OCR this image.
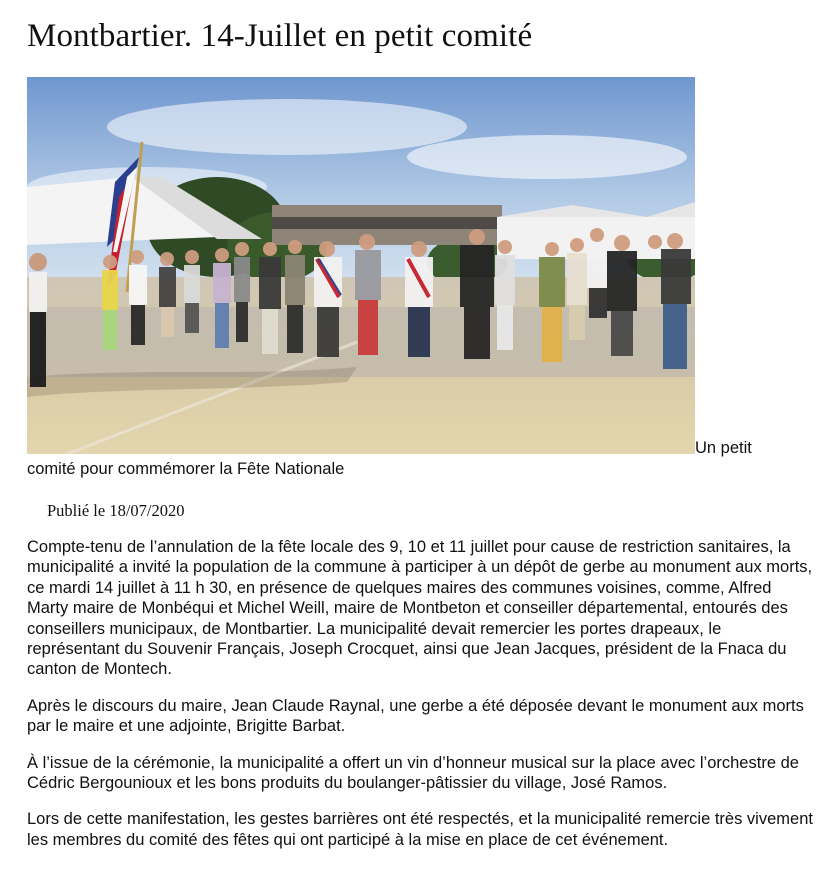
Montbartier. 14-Juillet en petit comité
Un petit
comité pour commémorer la Fête Nationale
Publié le 18/07/2020

Compte-tenu de l’annulation de la fête locale des 9, 10 et 11 juillet pour cause de restriction sanitaires, la municipalité a invité la population de la commune à participer à un dépôt de gerbe au monument aux morts, ce mardi 14 juillet à 11 h 30, en présence de quelques maires des communes voisines, comme, Alfred Marty maire de Monbéqui et Michel Weill, maire de Montbeton et conseiller départemental, entourés des conseillers municipaux, de Montbartier. La municipalité devait remercier les portes drapeaux, le représentant du Souvenir Français, Joseph Crocquet, ainsi que Jean Jacques, président de la Fnaca du canton de Montech.

Après le discours du maire, Jean Claude Raynal, une gerbe a été déposée devant le monument aux morts par le maire et une adjointe, Brigitte Barbat.

À l’issue de la cérémonie, la municipalité a offert un vin d’honneur musical sur la place avec l’orchestre de Cédric Bergounioux et les bons produits du boulanger-pâtissier du village, José Ramos.

Lors de cette manifestation, les gestes barrières ont été respectés, et la municipalité remercie très vivement les membres du comité des fêtes qui ont participé à la mise en place de cet événement.
